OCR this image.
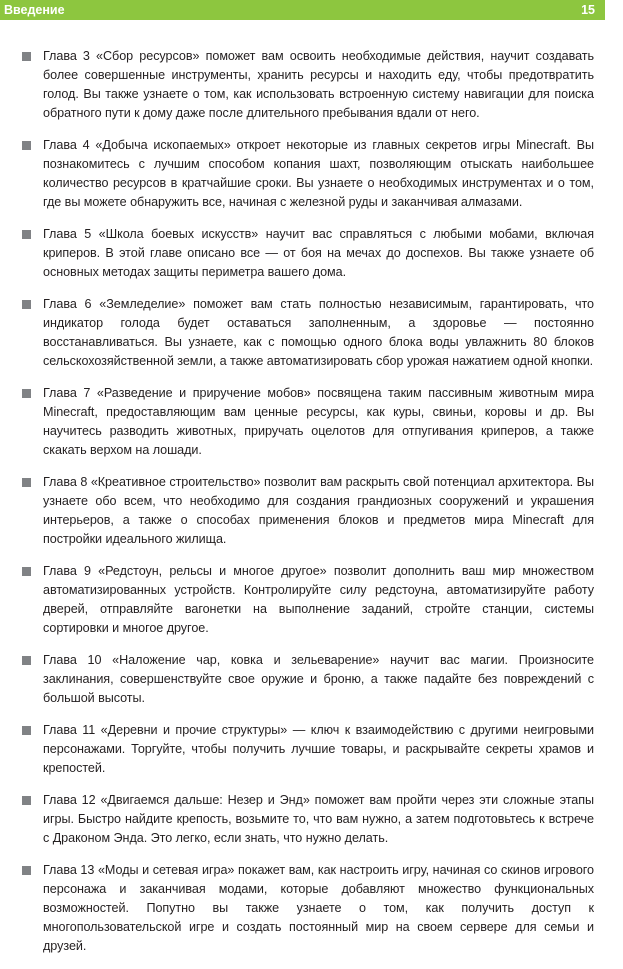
Введение	15
Глава 3 «Сбор ресурсов» поможет вам освоить необходимые действия, научит создавать более совершенные инструменты, хранить ресурсы и находить еду, чтобы предотвратить голод. Вы также узнаете о том, как использовать встроенную систему навигации для поиска обратного пути к дому даже после длительного пребывания вдали от него.
Глава 4 «Добыча ископаемых» откроет некоторые из главных секретов игры Minecraft. Вы познакомитесь с лучшим способом копания шахт, позволяющим отыскать наибольшее количество ресурсов в кратчайшие сроки. Вы узнаете о необходимых инструментах и о том, где вы можете обнаружить все, начиная с железной руды и заканчивая алмазами.
Глава 5 «Школа боевых искусств» научит вас справляться с любыми мобами, включая криперов. В этой главе описано все — от боя на мечах до доспехов. Вы также узнаете об основных методах защиты периметра вашего дома.
Глава 6 «Земледелие» поможет вам стать полностью независимым, гарантировать, что индикатор голода будет оставаться заполненным, а здоровье — постоянно восстанавливаться. Вы узнаете, как с помощью одного блока воды увлажнить 80 блоков сельскохозяйственной земли, а также автоматизировать сбор урожая нажатием одной кнопки.
Глава 7 «Разведение и приручение мобов» посвящена таким пассивным животным мира Minecraft, предоставляющим вам ценные ресурсы, как куры, свиньи, коровы и др. Вы научитесь разводить животных, приручать оцелотов для отпугивания криперов, а также скакать верхом на лошади.
Глава 8 «Креативное строительство» позволит вам раскрыть свой потенциал архитектора. Вы узнаете обо всем, что необходимо для создания грандиозных сооружений и украшения интерьеров, а также о способах применения блоков и предметов мира Minecraft для постройки идеального жилища.
Глава 9 «Редстоун, рельсы и многое другое» позволит дополнить ваш мир множеством автоматизированных устройств. Контролируйте силу редстоуна, автоматизируйте работу дверей, отправляйте вагонетки на выполнение заданий, стройте станции, системы сортировки и многое другое.
Глава 10 «Наложение чар, ковка и зельеварение» научит вас магии. Произносите заклинания, совершенствуйте свое оружие и броню, а также падайте без повреждений с большой высоты.
Глава 11 «Деревни и прочие структуры» — ключ к взаимодействию с другими неигровыми персонажами. Торгуйте, чтобы получить лучшие товары, и раскрывайте секреты храмов и крепостей.
Глава 12 «Двигаемся дальше: Незер и Энд» поможет вам пройти через эти сложные этапы игры. Быстро найдите крепость, возьмите то, что вам нужно, а затем подготовьтесь к встрече с Драконом Энда. Это легко, если знать, что нужно делать.
Глава 13 «Моды и сетевая игра» покажет вам, как настроить игру, начиная со скинов игрового персонажа и заканчивая модами, которые добавляют множество функциональных возможностей. Попутно вы также узнаете о том, как получить доступ к многопользовательской игре и создать постоянный мир на своем сервере для семьи и друзей.
